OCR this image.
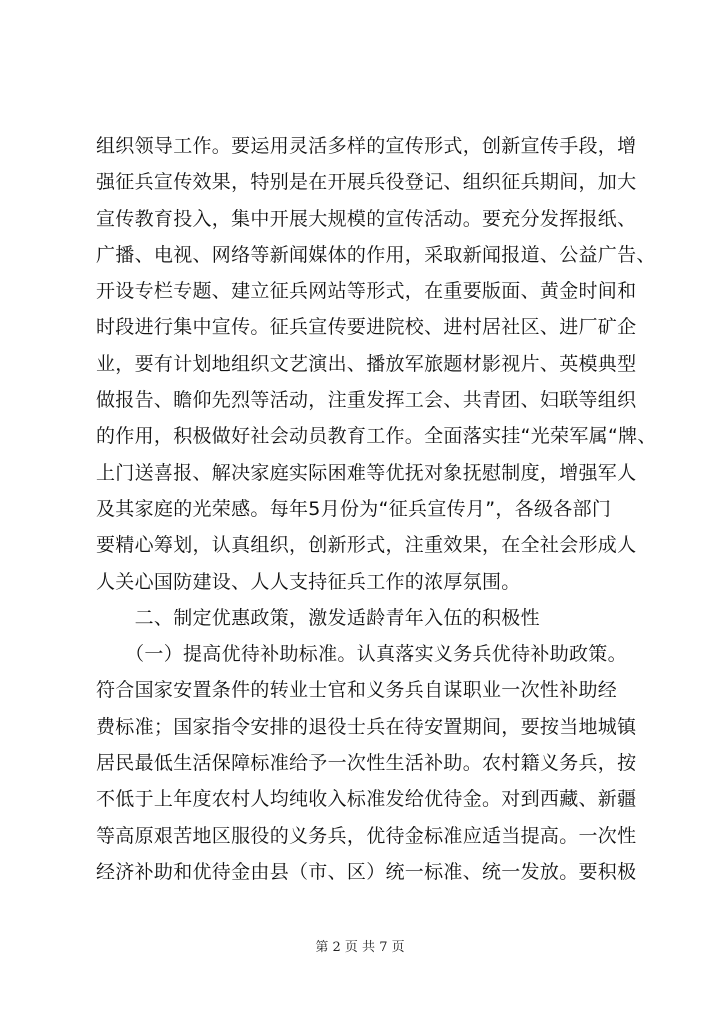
组织领导工作。要运用灵活多样的宣传形式，创新宣传手段，增
强征兵宣传效果，特别是在开展兵役登记、组织征兵期间，加大
宣传教育投入，集中开展大规模的宣传活动。要充分发挥报纸、
广播、电视、网络等新闻媒体的作用，采取新闻报道、公益广告、
开设专栏专题、建立征兵网站等形式，在重要版面、黄金时间和
时段进行集中宣传。征兵宣传要进院校、进村居社区、进厂矿企
业，要有计划地组织文艺演出、播放军旅题材影视片、英模典型
做报告、瞻仰先烈等活动，注重发挥工会、共青团、妇联等组织
的作用，积极做好社会动员教育工作。全面落实挂“光荣军属“牌、
上门送喜报、解决家庭实际困难等优抚对象抚慰制度，增强军人
及其家庭的光荣感。每年5月份为“征兵宣传月”，各级各部门
要精心筹划，认真组织，创新形式，注重效果，在全社会形成人
人关心国防建设、人人支持征兵工作的浓厚氛围。
　　二、制定优惠政策，激发适龄青年入伍的积极性
　　（一）提高优待补助标准。认真落实义务兵优待补助政策。
符合国家安置条件的转业士官和义务兵自谋职业一次性补助经
费标准；国家指令安排的退役士兵在待安置期间，要按当地城镇
居民最低生活保障标准给予一次性生活补助。农村籍义务兵，按
不低于上年度农村人均纯收入标准发给优待金。对到西藏、新疆
等高原艰苦地区服役的义务兵，优待金标准应适当提高。一次性
经济补助和优待金由县（市、区）统一标准、统一发放。要积极
第 2 页 共 7 页
